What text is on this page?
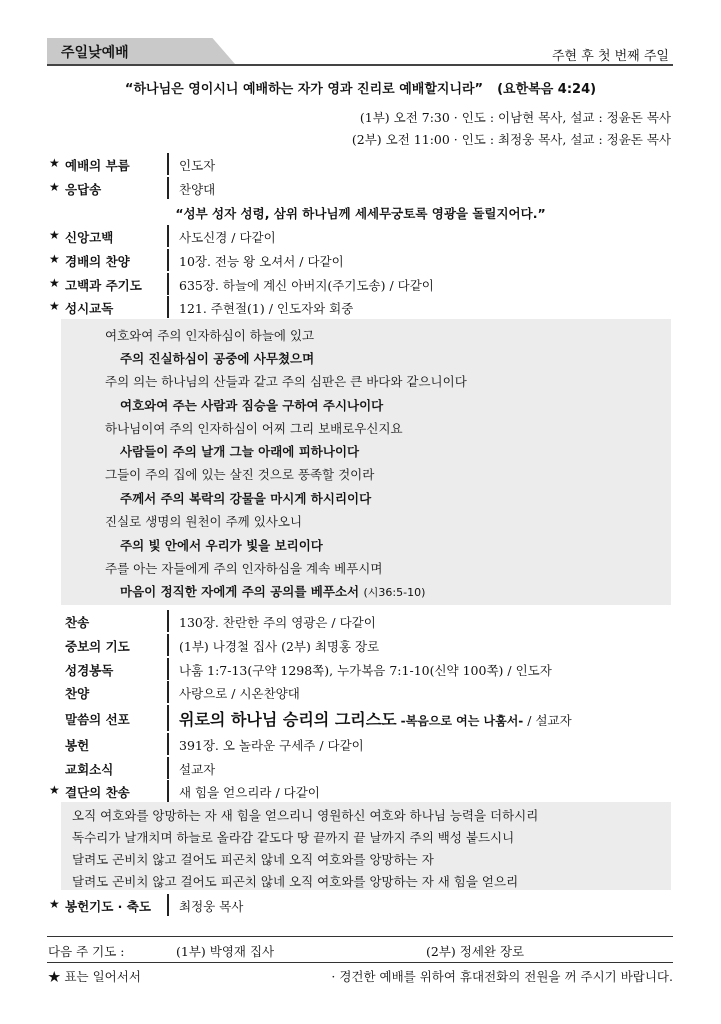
주일낮예배	주현 후 첫 번째 주일
“하나님은 영이시니 예배하는 자가 영과 진리로 예배할지니라” (요한복음 4:24)
(1부) 오전 7:30 · 인도 : 이남현 목사, 설교 : 정윤돈 목사
(2부) 오전 11:00 · 인도 : 최정웅 목사, 설교 : 정윤돈 목사
★ 예배의 부름	인도자
★ 응답송	찬양대
“성부 성자 성령, 삼위 하나님께 세세무궁토록 영광을 돌릴지어다.”
★ 신앙고백	사도신경 / 다같이
★ 경배의 찬양	10장. 전능 왕 오셔서 / 다같이
★ 고백과 주기도	635장. 하늘에 계신 아버지(주기도송) / 다같이
★ 성시교독	121. 주현절(1) / 인도자와 회중
여호와여 주의 인자하심이 하늘에 있고
주의 진실하심이 공중에 사무쳤으며
주의 의는 하나님의 산들과 같고 주의 심판은 큰 바다와 같으니이다
여호와여 주는 사람과 짐승을 구하여 주시나이다
하나님이여 주의 인자하심이 어찌 그리 보배로우신지요
사람들이 주의 날개 그늘 아래에 피하나이다
그들이 주의 집에 있는 살진 것으로 풍족할 것이라
주께서 주의 복락의 강물을 마시게 하시리이다
진실로 생명의 원천이 주께 있사오니
주의 빛 안에서 우리가 빛을 보리이다
주를 아는 자들에게 주의 인자하심을 계속 베푸시며
마음이 정직한 자에게 주의 공의를 베푸소서 (시36:5-10)
찬송	130장. 찬란한 주의 영광은 / 다같이
중보의 기도	(1부) 나경철 집사 (2부) 최명홍 장로
성경봉독	나훔 1:7-13(구약 1298쪽), 누가복음 7:1-10(신약 100쪽) / 인도자
찬양	사랑으로 / 시온찬양대
말씀의 선포	위로의 하나님 승리의 그리스도 -복음으로 여는 나훔서- / 설교자
봉헌	391장. 오 놀라운 구세주 / 다같이
교회소식	설교자
★ 결단의 찬송	새 힘을 얻으리라 / 다같이
오직 여호와를 앙망하는 자 새 힘을 얻으리니 영원하신 여호와 하나님 능력을 더하시리
독수리가 날개치며 하늘로 올라감 같도다 땅 끝까지 끝 날까지 주의 백성 붙드시니
달려도 곤비치 않고 걸어도 피곤치 않네 오직 여호와를 앙망하는 자
달려도 곤비치 않고 걸어도 피곤치 않네 오직 여호와를 앙망하는 자 새 힘을 얻으리
★ 봉헌기도 · 축도 최정웅 목사
다음 주 기도 :	(1부) 박영재 집사	(2부) 정세완 장로
★ 표는 일어서서	· 경건한 예배를 위하여 휴대전화의 전원을 꺼 주시기 바랍니다.
